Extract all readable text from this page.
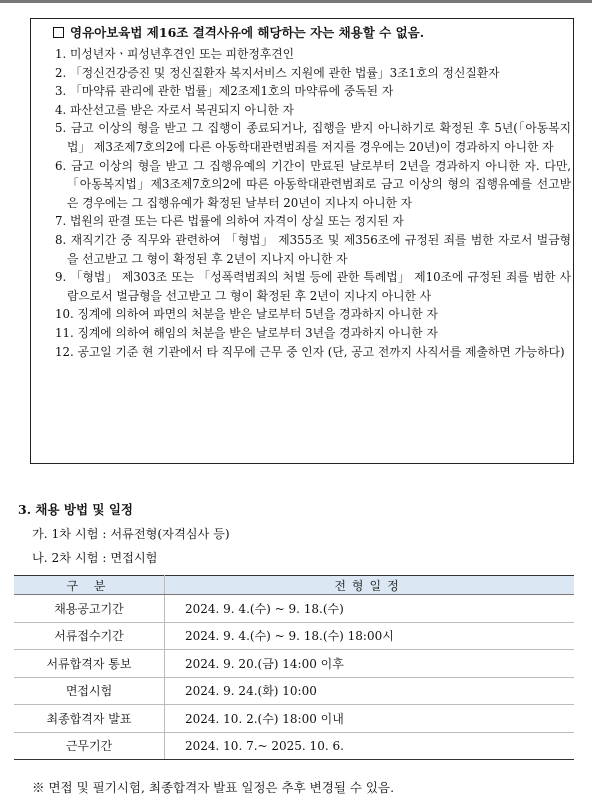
영유아보육법 제16조 결격사유에 해당하는 자는 채용할 수 없음.
1. 미성년자ㆍ피성년후견인 또는 피한정후견인
2. 「정신건강증진 및 정신질환자 복지서비스 지원에 관한 법률」3조1호의 정신질환자
3. 「마약류 관리에 관한 법률」제2조제1호의 마약류에 중독된 자
4. 파산선고를 받은 자로서 복권되지 아니한 자
5. 금고 이상의 형을 받고 그 집행이 종료되거나, 집행을 받지 아니하기로 확정된 후 5년(「아동복지법」 제3조제7호의2에 다른 아동학대관련범죄를 저지를 경우에는 20년)이 경과하지 아니한 자
6. 금고 이상의 형을 받고 그 집행유예의 기간이 만료된 날로부터 2년을 경과하지 아니한 자. 다만, 「아동복지법」제3조제7호의2에 따른 아동학대관련범죄로 금고 이상의 형의 집행유예를 선고받은 경우에는 그 집행유예가 확정된 날부터 20년이 지나지 아니한 자
7. 법원의 판결 또는 다른 법률에 의하여 자격이 상실 또는 정지된 자
8. 재직기간 중 직무와 관련하여 「형법」 제355조 및 제356조에 규정된 죄를 범한 자로서 벌금형을 선고받고 그 형이 확정된 후 2년이 지나지 아니한 자
9. 「형법」 제303조 또는 「성폭력범죄의 처벌 등에 관한 특례법」 제10조에 규정된 죄를 범한 사람으로서 벌금형을 선고받고 그 형이 확정된 후 2년이 지나지 아니한 사
10. 징계에 의하여 파면의 처분을 받은 날로부터 5년을 경과하지 아니한 자
11. 징계에 의하여 해임의 처분을 받은 날로부터 3년을 경과하지 아니한 자
12. 공고일 기준 현 기관에서 타 직무에 근무 중 인자 (단, 공고 전까지 사직서를 제출하면 가능하다)
3. 채용 방법 및 일정
가. 1차 시험 : 서류전형(자격심사 등)
나. 2차 시험 : 면접시험
구 분	전형일정
채용공고기간	2024. 9. 4.(수) ~ 9. 18.(수)
서류접수기간	2024. 9. 4.(수) ~ 9. 18.(수) 18:00시
서류합격자 통보	2024. 9. 20.(금) 14:00 이후
면접시험	2024. 9. 24.(화) 10:00
최종합격자 발표	2024. 10. 2.(수) 18:00 이내
근무기간	2024. 10. 7.~ 2025. 10. 6.
※ 면접 및 필기시험, 최종합격자 발표 일정은 추후 변경될 수 있음.
